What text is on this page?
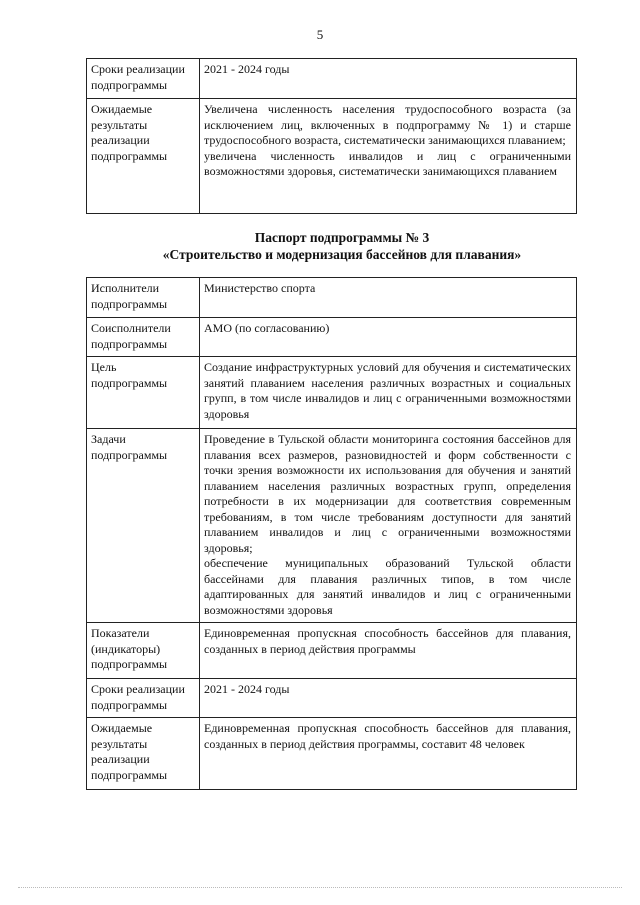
5
Сроки реализации подпрограммы	2021 - 2024 годы

Ожидаемые результаты реализации подпрограммы	Увеличена численность населения трудоспособного возраста (за исключением лиц, включенных в подпрограмму № 1) и старше трудоспособного возраста, систематически занимающихся плаванием;

увеличена численность инвалидов и лиц с ограниченными возможностями здоровья, систематически занимающихся плаванием

Паспорт подпрограммы № 3
«Строительство и модернизация бассейнов для плавания»
Исполнители подпрограммы	Министерство спорта

Соисполнители подпрограммы	АМО (по согласованию)

Цель подпрограммы	Создание инфраструктурных условий для обучения и систематических занятий плаванием населения различных возрастных и социальных групп, в том числе инвалидов и лиц с ограниченными возможностями здоровья

Задачи подпрограммы	Проведение в Тульской области мониторинга состояния бассейнов для плавания всех размеров, разновидностей и форм собственности с точки зрения возможности их использования для обучения и занятий плаванием населения различных возрастных групп, определения потребности в их модернизации для соответствия современным требованиям, в том числе требованиям доступности для занятий плаванием инвалидов и лиц с ограниченными возможностями здоровья;

обеспечение муниципальных образований Тульской области бассейнами для плавания различных типов, в том числе адаптированных для занятий инвалидов и лиц с ограниченными возможностями здоровья

Показатели (индикаторы) подпрограммы	Единовременная пропускная способность бассейнов для плавания, созданных в период действия программы

Сроки реализации подпрограммы	2021 - 2024 годы

Ожидаемые результаты реализации подпрограммы	Единовременная пропускная способность бассейнов для плавания, созданных в период действия программы, составит 48 человек
